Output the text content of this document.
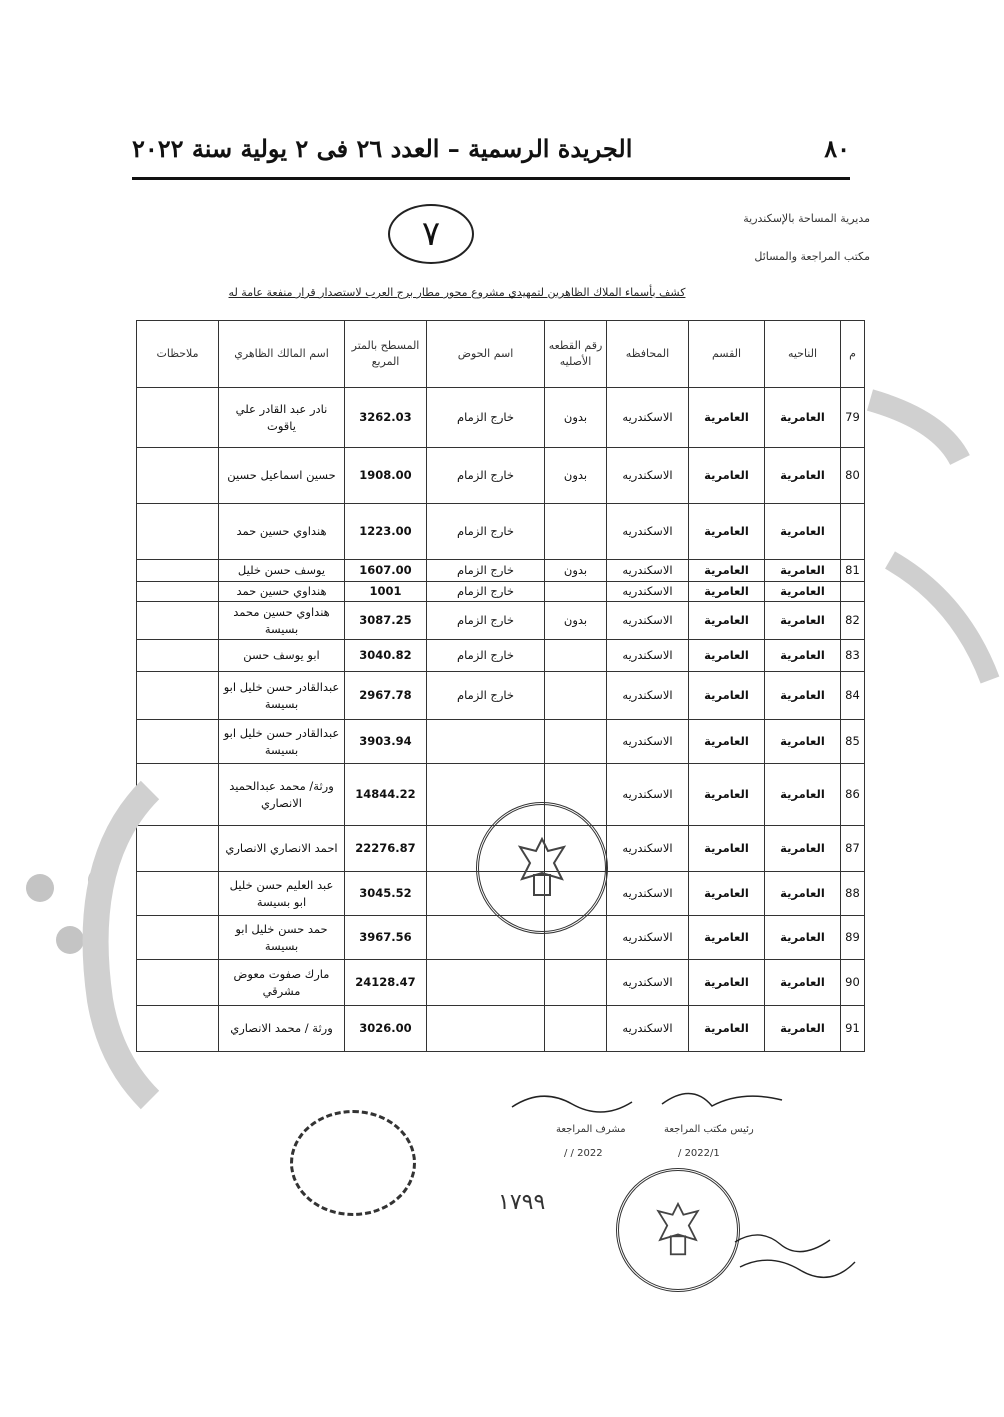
الجريدة الرسمية – العدد ٢٦ فى ٢ يولية سنة ٢٠٢٢	٨٠
مديرية المساحة بالإسكندرية
مكتب المراجعة والمسائل
٧
كشف بأسماء الملاك الظاهرين لتمهيدي مشروع محور مطار برج العرب لاستصدار قرار منفعة عامة له
م	الناحيه	القسم	المحافظه	رقم القطعه الأصليه	اسم الحوض	المسطح بالمتر المربع	اسم المالك الظاهري	ملاحظات
79	العامرية	العامرية	الاسكندريه	بدون	خارج الزمام	3262.03	نادر عبد القادر علي ياقوت	
80	العامرية	العامرية	الاسكندريه	بدون	خارج الزمام	1908.00	حسين اسماعيل حسين	
	العامرية	العامرية	الاسكندريه		خارج الزمام	1223.00	هنداوي حسين حمد	
81	العامرية	العامرية	الاسكندريه	بدون	خارج الزمام	1607.00	يوسف حسن خليل	
	العامرية	العامرية	الاسكندريه		خارج الزمام	1001	هنداوي حسين حمد	
82	العامرية	العامرية	الاسكندريه	بدون	خارج الزمام	3087.25	هنداوي حسين محمد بسيسة	
83	العامرية	العامرية	الاسكندريه		خارج الزمام	3040.82	ابو يوسف حسن	
84	العامرية	العامرية	الاسكندريه		خارج الزمام	2967.78	عبدالقادر حسن خليل ابو بسيسة	
85	العامرية	العامرية	الاسكندريه			3903.94	عبدالقادر حسن خليل ابو بسيسة	
86	العامرية	العامرية	الاسكندريه			14844.22	ورثة/ محمد عبدالحميد الانصاري	
87	العامرية	العامرية	الاسكندريه			22276.87	احمد الانصاري الانصاري	
88	العامرية	العامرية	الاسكندريه			3045.52	عبد العليم حسن خليل ابو بسيسة	
89	العامرية	العامرية	الاسكندريه			3967.56	حمد حسن خليل ابو بسيسة	
90	العامرية	العامرية	الاسكندريه			24128.47	مارك صفوت معوض مشرقي	
91	العامرية	العامرية	الاسكندريه			3026.00	ورثة / محمد الانصاري	
رئيس مكتب المراجعة
مشرف المراجعة
2022/1 /
2022 / /
١٧٩٩
